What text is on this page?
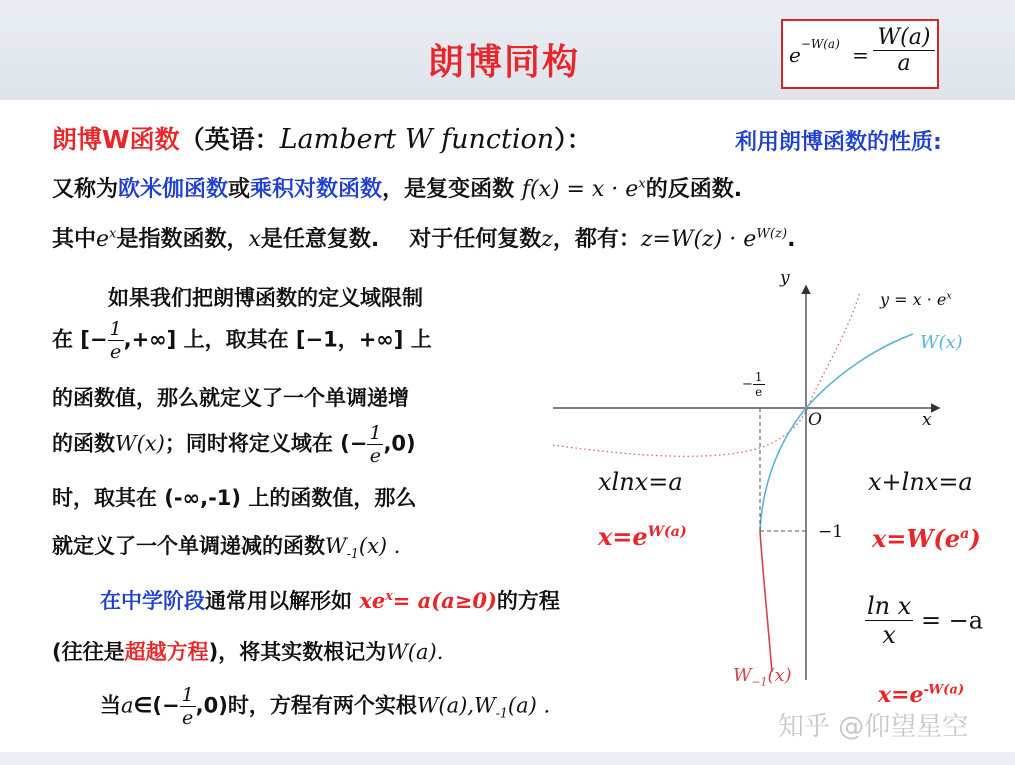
朗博同构	$e^{-W(a)} = \frac{W(a)}{a}$
朗博W函数（英语：Lambert W function）：	利用朗博函数的性质:
又称为欧米伽函数或乘积对数函数，是复变函数 $f(x) = x \cdot e^x$的反函数.
其中$e^x$是指数函数，x是任意复数. 对于任何复数z，都有：$z=W(z) \cdot e^{W(z)}$.
如果我们把朗博函数的定义域限制
在 [− $\frac{1}{e}$ ,+∞] 上，取其在 [−1，+∞] 上
的函数值，那么就定义了一个单调递增
的函数W(x)；同时将定义域在 (− $\frac{1}{e} ,0$)
时，取其在 (-∞,-1) 上的函数值，那么
就定义了一个单调递减的函数$W_{-1}(x)$ .
在中学阶段通常用以解形如 $xe^x= a(a\ge 0)$的方程
(往往是超越方程)，将其实数根记为W(a).
当a∈(− $\frac{1}{e} ,0$)时，方程有两个实根$W(a),W_{-1}(a)$ .
y
x
O
$y = x \cdot e^x$
W(x)
$W_{-1}(x)$
− $\frac{1}{e}$
−1
xlnx=a
$x=e^{W(a)}$
x+lnx=a
$x=W(e^a)$
$\frac{\text{ln x}}{x} = -a$
$x=e^{-W(a)}$
知乎 @仰望星空
